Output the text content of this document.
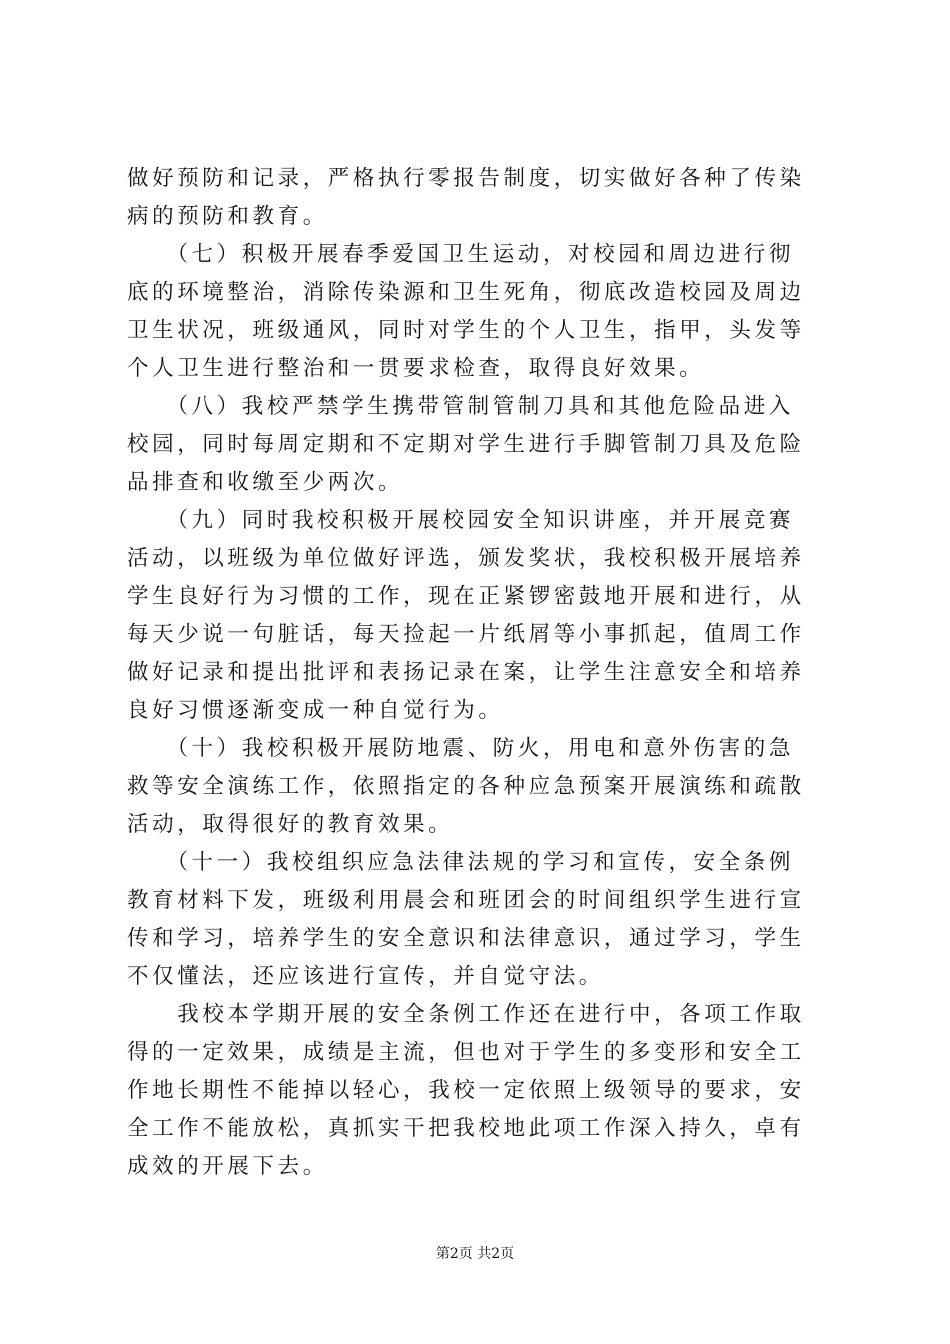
做好预防和记录，严格执行零报告制度，切实做好各种了传染
病的预防和教育。
　　（七）积极开展春季爱国卫生运动，对校园和周边进行彻
底的环境整治，消除传染源和卫生死角，彻底改造校园及周边
卫生状况，班级通风，同时对学生的个人卫生，指甲，头发等
个人卫生进行整治和一贯要求检查，取得良好效果。
　　（八）我校严禁学生携带管制管制刀具和其他危险品进入
校园，同时每周定期和不定期对学生进行手脚管制刀具及危险
品排查和收缴至少两次。
　　（九）同时我校积极开展校园安全知识讲座，并开展竞赛
活动，以班级为单位做好评选，颁发奖状，我校积极开展培养
学生良好行为习惯的工作，现在正紧锣密鼓地开展和进行，从
每天少说一句脏话，每天捡起一片纸屑等小事抓起，值周工作
做好记录和提出批评和表扬记录在案，让学生注意安全和培养
良好习惯逐渐变成一种自觉行为。
　　（十）我校积极开展防地震、防火，用电和意外伤害的急
救等安全演练工作，依照指定的各种应急预案开展演练和疏散
活动，取得很好的教育效果。
　　（十一）我校组织应急法律法规的学习和宣传，安全条例
教育材料下发，班级利用晨会和班团会的时间组织学生进行宣
传和学习，培养学生的安全意识和法律意识，通过学习，学生
不仅懂法，还应该进行宣传，并自觉守法。
　　我校本学期开展的安全条例工作还在进行中，各项工作取
得的一定效果，成绩是主流，但也对于学生的多变形和安全工
作地长期性不能掉以轻心，我校一定依照上级领导的要求，安
全工作不能放松，真抓实干把我校地此项工作深入持久，卓有
成效的开展下去。
第2页 共2页
